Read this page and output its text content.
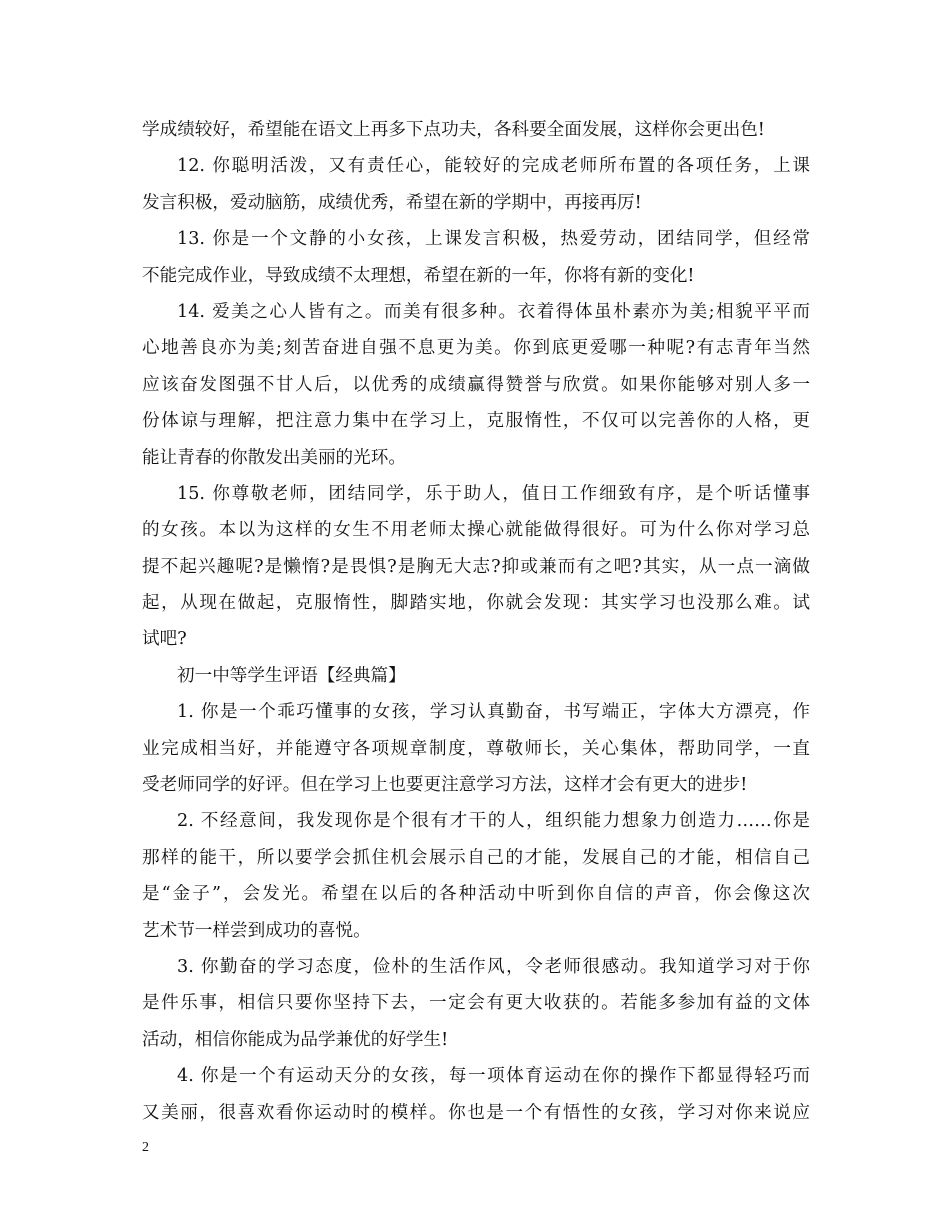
学成绩较好，希望能在语文上再多下点功夫，各科要全面发展，这样你会更出色!
12. 你聪明活泼，又有责任心，能较好的完成老师所布置的各项任务，上课
发言积极，爱动脑筋，成绩优秀，希望在新的学期中，再接再厉!
13. 你是一个文静的小女孩，上课发言积极，热爱劳动，团结同学，但经常
不能完成作业，导致成绩不太理想，希望在新的一年，你将有新的变化!
14. 爱美之心人皆有之。而美有很多种。衣着得体虽朴素亦为美;相貌平平而
心地善良亦为美;刻苦奋进自强不息更为美。你到底更爱哪一种呢?有志青年当然
应该奋发图强不甘人后，以优秀的成绩赢得赞誉与欣赏。如果你能够对别人多一
份体谅与理解，把注意力集中在学习上，克服惰性，不仅可以完善你的人格，更
能让青春的你散发出美丽的光环。
15. 你尊敬老师，团结同学，乐于助人，值日工作细致有序，是个听话懂事
的女孩。本以为这样的女生不用老师太操心就能做得很好。可为什么你对学习总
提不起兴趣呢?是懒惰?是畏惧?是胸无大志?抑或兼而有之吧?其实，从一点一滴做
起，从现在做起，克服惰性，脚踏实地，你就会发现：其实学习也没那么难。试
试吧?
初一中等学生评语【经典篇】
1. 你是一个乖巧懂事的女孩，学习认真勤奋，书写端正，字体大方漂亮，作
业完成相当好，并能遵守各项规章制度，尊敬师长，关心集体，帮助同学，一直
受老师同学的好评。但在学习上也要更注意学习方法，这样才会有更大的进步!
2. 不经意间，我发现你是个很有才干的人，组织能力想象力创造力……你是
那样的能干，所以要学会抓住机会展示自己的才能，发展自己的才能，相信自己
是“金子”，会发光。希望在以后的各种活动中听到你自信的声音，你会像这次
艺术节一样尝到成功的喜悦。
3. 你勤奋的学习态度，俭朴的生活作风，令老师很感动。我知道学习对于你
是件乐事，相信只要你坚持下去，一定会有更大收获的。若能多参加有益的文体
活动，相信你能成为品学兼优的好学生!
4. 你是一个有运动天分的女孩，每一项体育运动在你的操作下都显得轻巧而
又美丽，很喜欢看你运动时的模样。你也是一个有悟性的女孩，学习对你来说应
2
